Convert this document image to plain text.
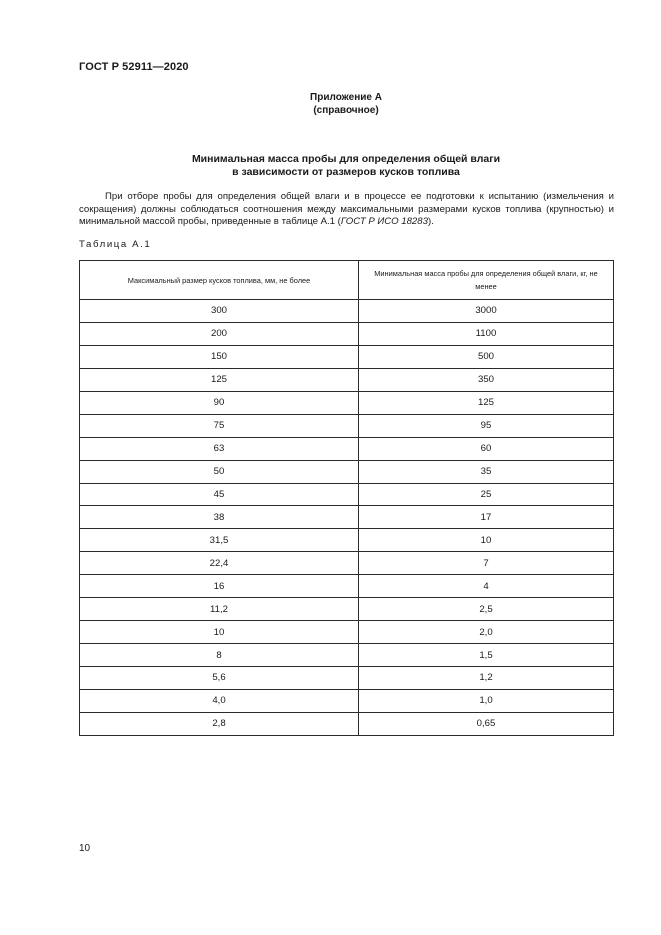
ГОСТ Р 52911—2020
Приложение А
(справочное)
Минимальная масса пробы для определения общей влаги
в зависимости от размеров кусков топлива

При отборе пробы для определения общей влаги и в процессе ее подготовки к испытанию (измельчения и сокращения) должны соблюдаться соотношения между максимальными размерами кусков топлива (крупностью) и минимальной массой пробы, приведенные в таблице А.1 (ГОСТ Р ИСО 18283).

Таблица А.1
Максимальный размер кусков топлива, мм, не более	Минимальная масса пробы для определения общей влаги, кг, не менее
300	3000
200	1100
150	500
125	350
90	125
75	95
63	60
50	35
45	25
38	17
31,5	10
22,4	7
16	4
11,2	2,5
10	2,0
8	1,5
5,6	1,2
4,0	1,0
2,8	0,65
10
